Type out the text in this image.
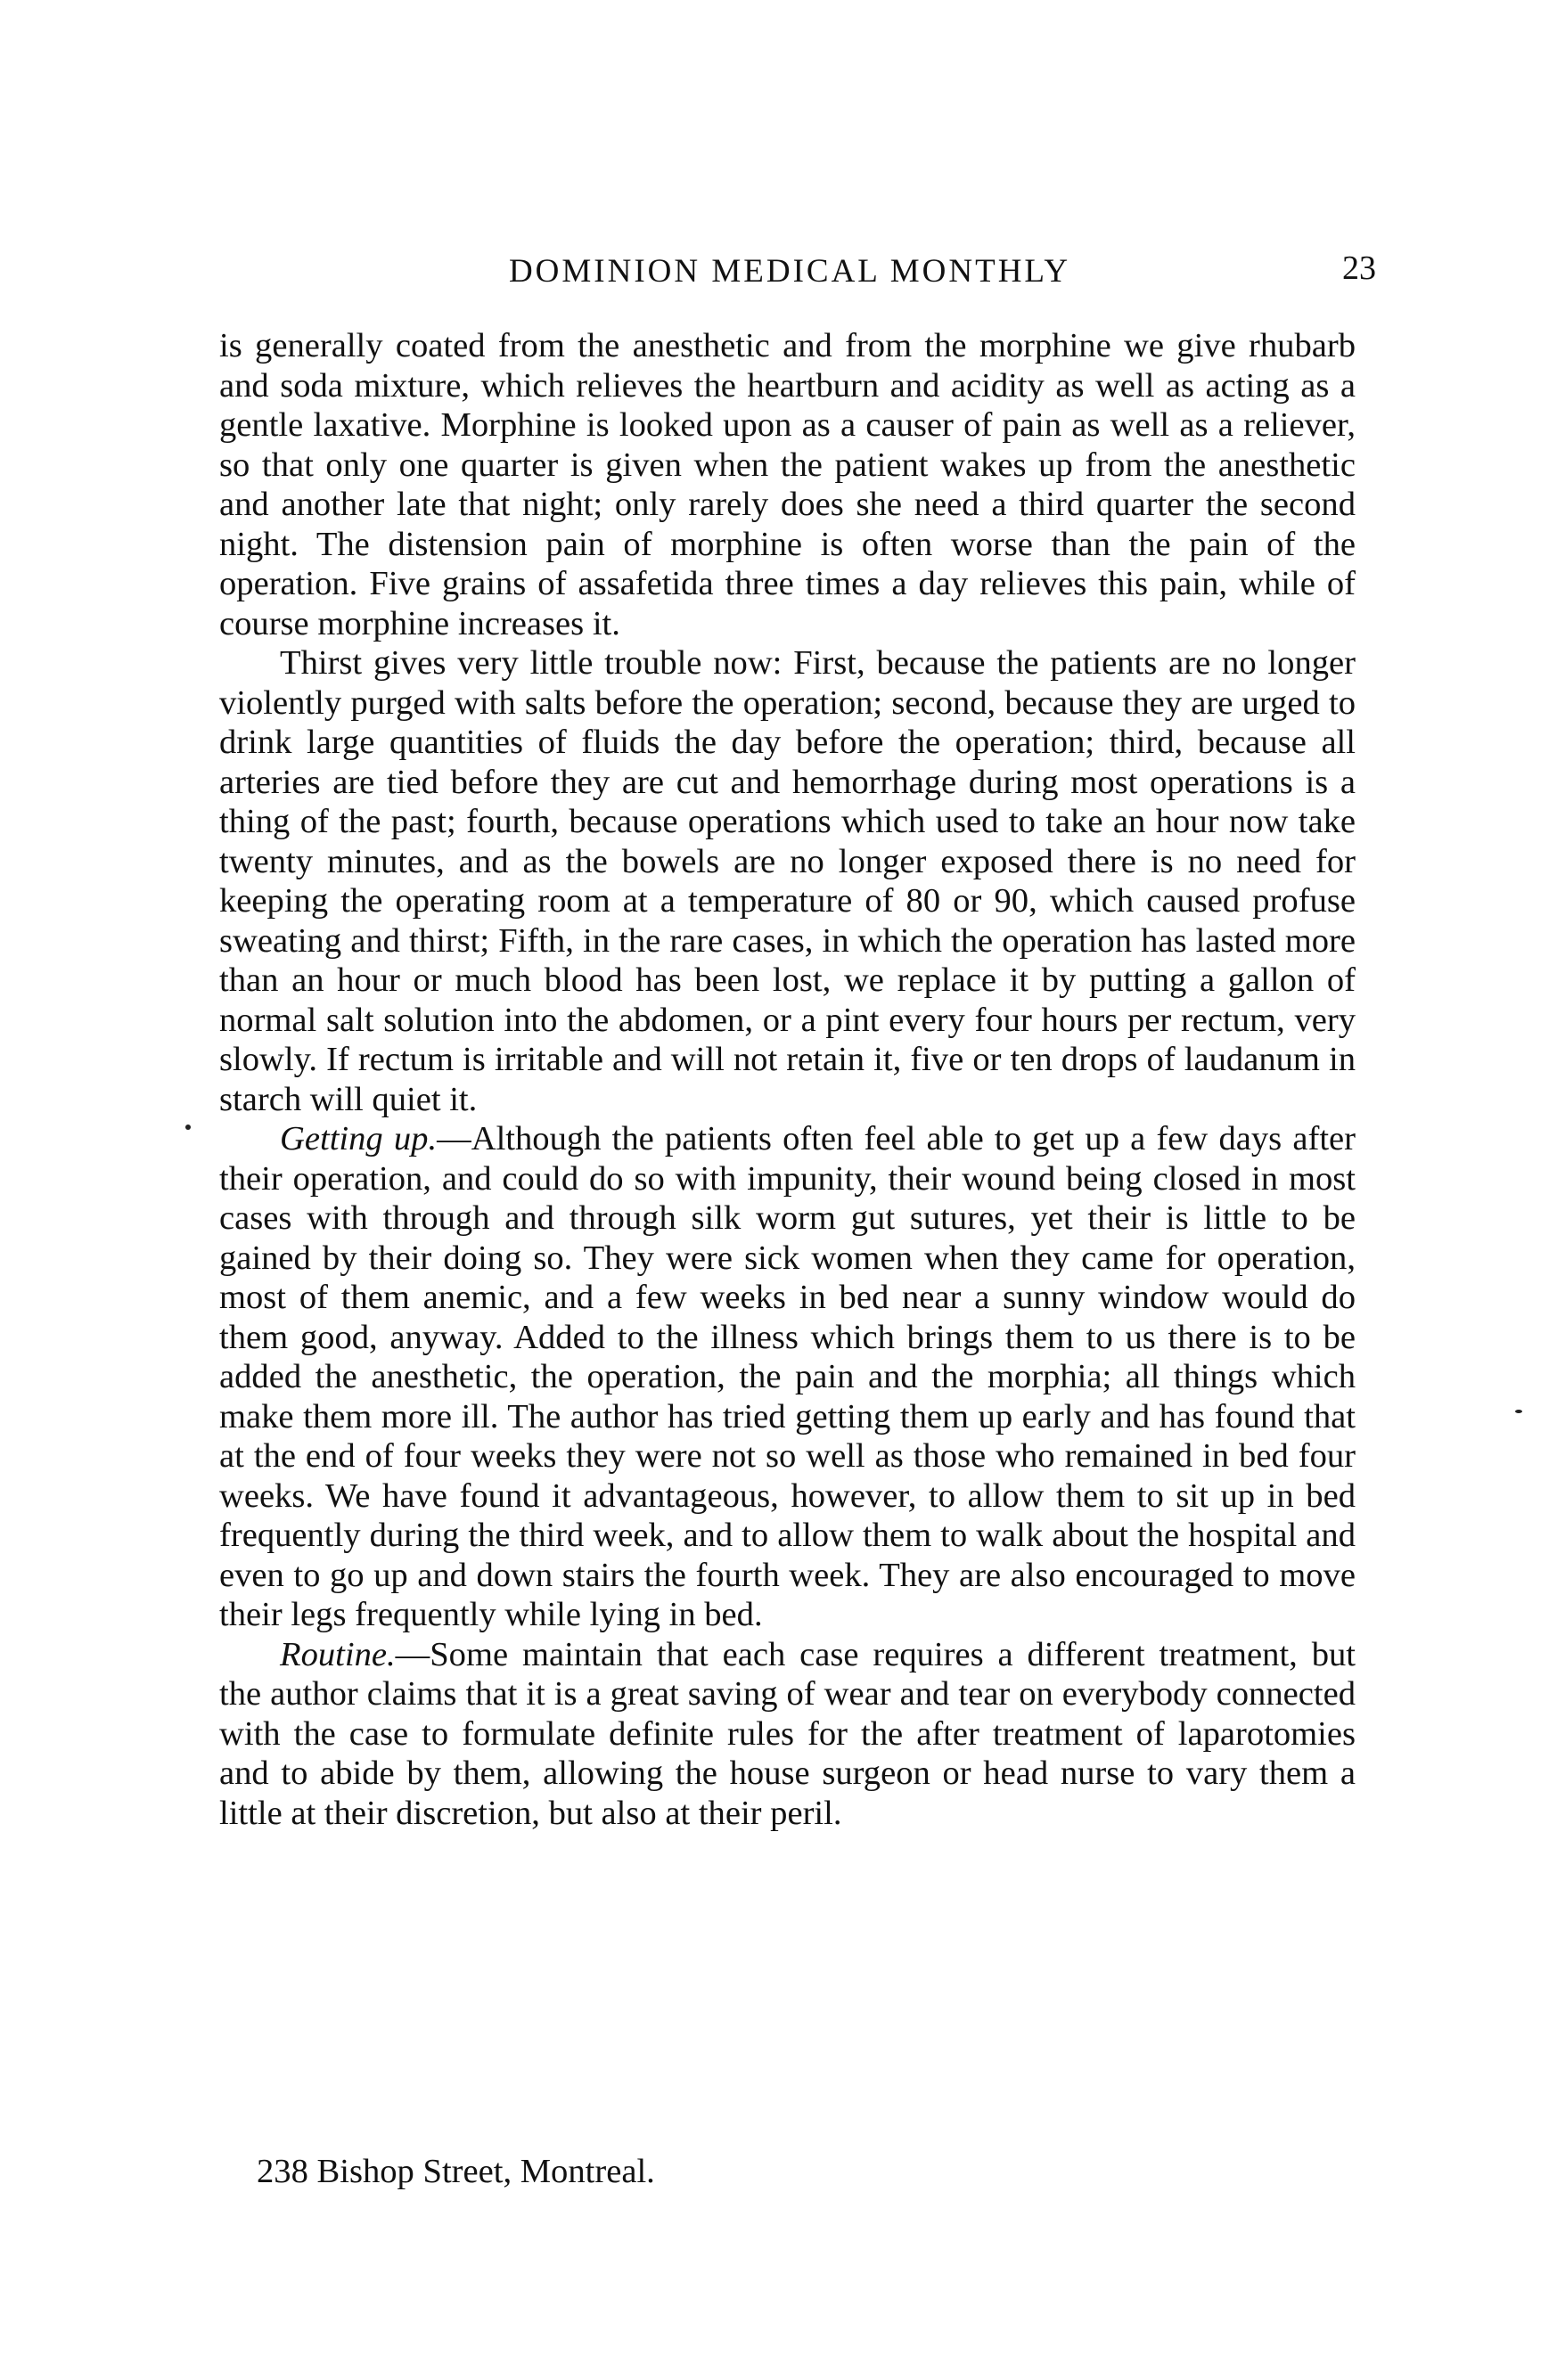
DOMINION MEDICAL MONTHLY	23

is generally coated from the anesthetic and from the morphine we give rhubarb and soda mixture, which relieves the heartburn and acidity as well as acting as a gentle laxative. Morphine is looked upon as a causer of pain as well as a reliever, so that only one quarter is given when the patient wakes up from the anesthetic and another late that night; only rarely does she need a third quarter the second night. The distension pain of morphine is often worse than the pain of the operation. Five grains of assafetida three times a day relieves this pain, while of course morphine increases it.

Thirst gives very little trouble now: First, because the patients are no longer violently purged with salts before the operation; second, because they are urged to drink large quantities of fluids the day before the operation; third, because all arteries are tied before they are cut and hemorrhage during most operations is a thing of the past; fourth, because operations which used to take an hour now take twenty minutes, and as the bowels are no longer exposed there is no need for keeping the operating room at a temperature of 80 or 90, which caused profuse sweating and thirst; Fifth, in the rare cases, in which the operation has lasted more than an hour or much blood has been lost, we replace it by putting a gallon of normal salt solution into the abdomen, or a pint every four hours per rectum, very slowly. If rectum is irritable and will not retain it, five or ten drops of laudanum in starch will quiet it.

Getting up.—Although the patients often feel able to get up a few days after their operation, and could do so with impunity, their wound being closed in most cases with through and through silk worm gut sutures, yet their is little to be gained by their doing so. They were sick women when they came for operation, most of them anemic, and a few weeks in bed near a sunny window would do them good, anyway. Added to the illness which brings them to us there is to be added the anesthetic, the operation, the pain and the morphia; all things which make them more ill. The author has tried getting them up early and has found that at the end of four weeks they were not so well as those who remained in bed four weeks. We have found it advantageous, however, to allow them to sit up in bed frequently during the third week, and to allow them to walk about the hospital and even to go up and down stairs the fourth week. They are also encouraged to move their legs frequently while lying in bed.

Routine.—Some maintain that each case requires a different treatment, but the author claims that it is a great saving of wear and tear on everybody connected with the case to formulate definite rules for the after treatment of laparotomies and to abide by them, allowing the house surgeon or head nurse to vary them a little at their discretion, but also at their peril.

238 Bishop Street, Montreal.
